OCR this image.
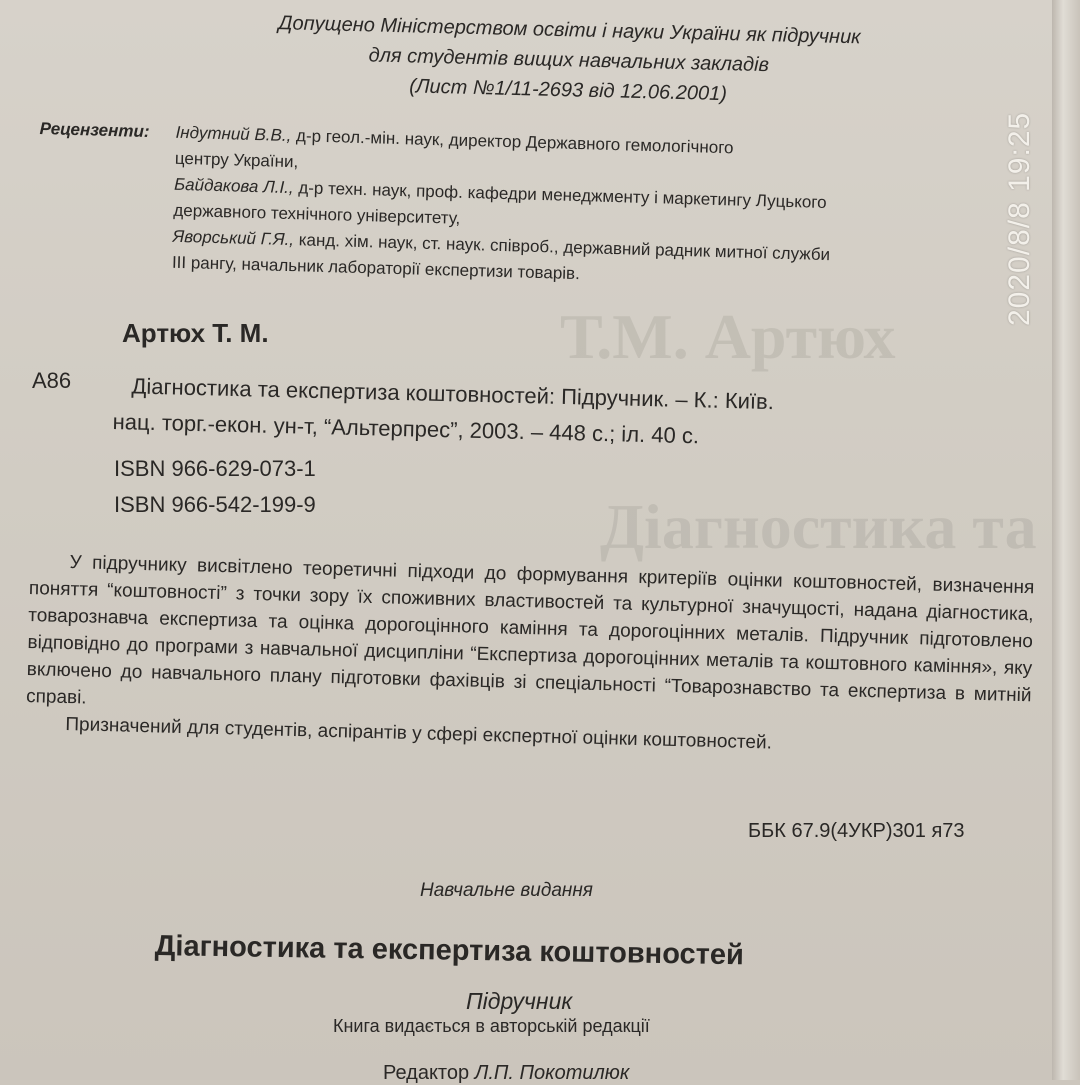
Т.М. Артюх
Діагностика та
Допущено Міністерством освіти і науки України як підручник
для студентів вищих навчальних закладів
(Лист №1/11-2693 від 12.06.2001)
Рецензенти: Індутний В.В., д-р геол.-мін. наук, директор Державного гемологічного
центру України,
Байдакова Л.І., д-р техн. наук, проф. кафедри менеджменту і маркетингу Луцького
державного технічного університету,
Яворський Г.Я., канд. хім. наук, ст. наук. співроб., державний радник митної служби
III рангу, начальник лабораторії експертизи товарів.
Артюх Т. М.
А86	Діагностика та експертиза коштовностей: Підручник. – К.: Київ.
нац. торг.-екон. ун-т, “Альтерпрес”, 2003. – 448 с.; іл. 40 с.
ISBN 966-629-073-1
ISBN 966-542-199-9

У підручнику висвітлено теоретичні підходи до формування критеріїв оцінки коштовностей, визначення поняття “коштовності” з точки зору їх споживних властивостей та культурної значущості, надана діагностика, товарознавча експертиза та оцінка дорогоцінного каміння та дорогоцінних металів. Підручник підготовлено відповідно до програми з навчальної дисципліни “Експертиза дорогоцінних металів та коштовного каміння», яку включено до навчального плану підготовки фахівців зі спеціальності “Товарознавство та експертиза в митній справі.

Призначений для студентів, аспірантів у сфері експертної оцінки коштовностей.

ББК 67.9(4УКР)301 я73
Навчальне видання
Діагностика та експертиза коштовностей
Підручник
Книга видається в авторській редакції
Редактор Л.П. Покотилюк
2020/8/8 19:25
